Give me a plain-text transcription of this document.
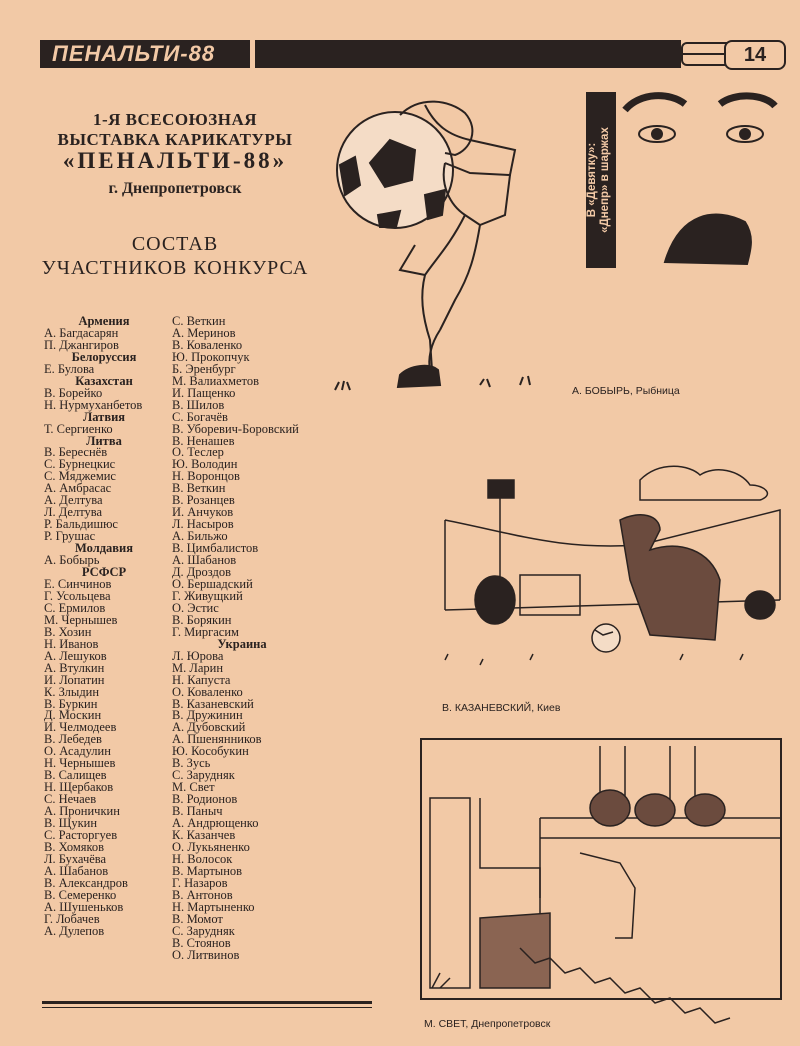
ПЕНАЛЬТИ-88	14
1-Я ВСЕСОЮЗНАЯ
ВЫСТАВКА КАРИКАТУРЫ
«ПЕНАЛЬТИ-88»
г. Днепропетровск
СОСТАВ
УЧАСТНИКОВ КОНКУРСА
Армения
А. Багдасарян
П. Джангиров
Белоруссия
Е. Булова
Казахстан
В. Борейко
Н. Нурмуханбетов
Латвия
Т. Сергиенко
Литва
В. Береснёв
С. Бурнецкис
С. Мяджемис
А. Амбрасас
А. Делтува
Л. Делтува
Р. Бальдишюс
Р. Грушас
Молдавия
А. Бобырь
РСФСР
Е. Синчинов
Г. Усольцева
С. Ермилов
М. Чернышев
В. Хозин
Н. Иванов
А. Лешуков
А. Втулкин
И. Лопатин
К. Злыдин
В. Буркин
Д. Москин
И. Челмодеев
В. Лебедев
О. Асадулин
Н. Чернышев
В. Салищев
Н. Щербаков
С. Нечаев
А. Проничкин
В. Щукин
С. Расторгуев
В. Хомяков
Л. Бухачёва
А. Шабанов
В. Александров
В. Семеренко
А. Шушеньков
Г. Лобачев
А. Дулепов
С. Веткин
А. Меринов
В. Коваленко
Ю. Прокопчук
Б. Эренбург
М. Валиахметов
И. Пащенко
В. Шилов
С. Богачёв
В. Уборевич-Боровский
В. Ненашев
О. Теслер
Ю. Володин
Н. Воронцов
В. Веткин
В. Розанцев
И. Анчуков
Л. Насыров
А. Бильжо
В. Цимбалистов
А. Шабанов
Д. Дроздов
О. Бершадский
Г. Живущкий
О. Эстис
В. Борякин
Г. Миргасим
Украина
Л. Юрова
М. Ларин
Н. Капуста
О. Коваленко
В. Казаневский
В. Дружинин
А. Дубовский
А. Пшенянников
Ю. Кособукин
В. Зусь
С. Зарудняк
М. Свет
В. Родионов
В. Паныч
А. Андрющенко
К. Казанчев
О. Лукьяненко
Н. Волосок
В. Мартынов
Г. Назаров
В. Антонов
Н. Мартыненко
В. Момот
С. Зарудняк
В. Стоянов
О. Литвинов
В «Девятку»: «Днепр» в шаржах
А. БОБЫРЬ, Рыбница
В. КАЗАНЕВСКИЙ, Киев
М. СВЕТ, Днепропетровск
